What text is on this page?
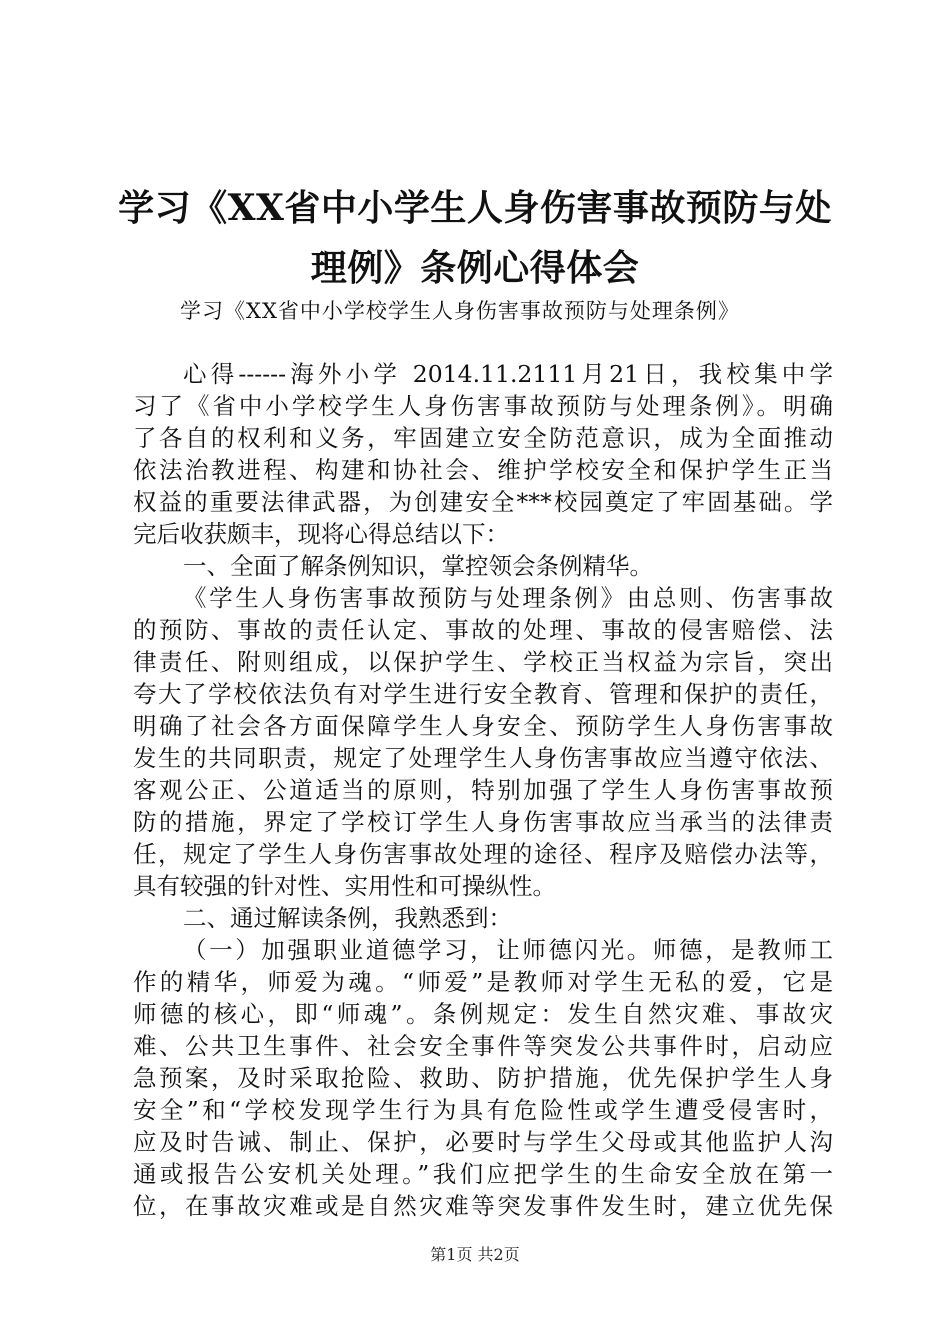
学习《XX省中小学生人身伤害事故预防与处
理例》条例心得体会
学习《XX省中小学校学生人身伤害事故预防与处理条例》
心得------海外小学 2014.11.2111月21日，我校集中学
习了《省中小学校学生人身伤害事故预防与处理条例》。明确
了各自的权利和义务，牢固建立安全防范意识，成为全面推动
依法治教进程、构建和协社会、维护学校安全和保护学生正当
权益的重要法律武器，为创建安全***校园奠定了牢固基础。学
完后收获颇丰，现将心得总结以下：
一、全面了解条例知识，掌控领会条例精华。
《学生人身伤害事故预防与处理条例》由总则、伤害事故
的预防、事故的责任认定、事故的处理、事故的侵害赔偿、法
律责任、附则组成，以保护学生、学校正当权益为宗旨，突出
夸大了学校依法负有对学生进行安全教育、管理和保护的责任，
明确了社会各方面保障学生人身安全、预防学生人身伤害事故
发生的共同职责，规定了处理学生人身伤害事故应当遵守依法、
客观公正、公道适当的原则，特别加强了学生人身伤害事故预
防的措施，界定了学校订学生人身伤害事故应当承当的法律责
任，规定了学生人身伤害事故处理的途径、程序及赔偿办法等，
具有较强的针对性、实用性和可操纵性。
二、通过解读条例，我熟悉到：
（一）加强职业道德学习，让师德闪光。师德，是教师工
作的精华，师爱为魂。“师爱”是教师对学生无私的爱，它是
师德的核心，即“师魂”。条例规定：发生自然灾难、事故灾
难、公共卫生事件、社会安全事件等突发公共事件时，启动应
急预案，及时采取抢险、救助、防护措施，优先保护学生人身
安全”和“学校发现学生行为具有危险性或学生遭受侵害时，
应及时告诫、制止、保护，必要时与学生父母或其他监护人沟
通或报告公安机关处理。”我们应把学生的生命安全放在第一
位，在事故灾难或是自然灾难等突发事件发生时，建立优先保
第1页 共2页
